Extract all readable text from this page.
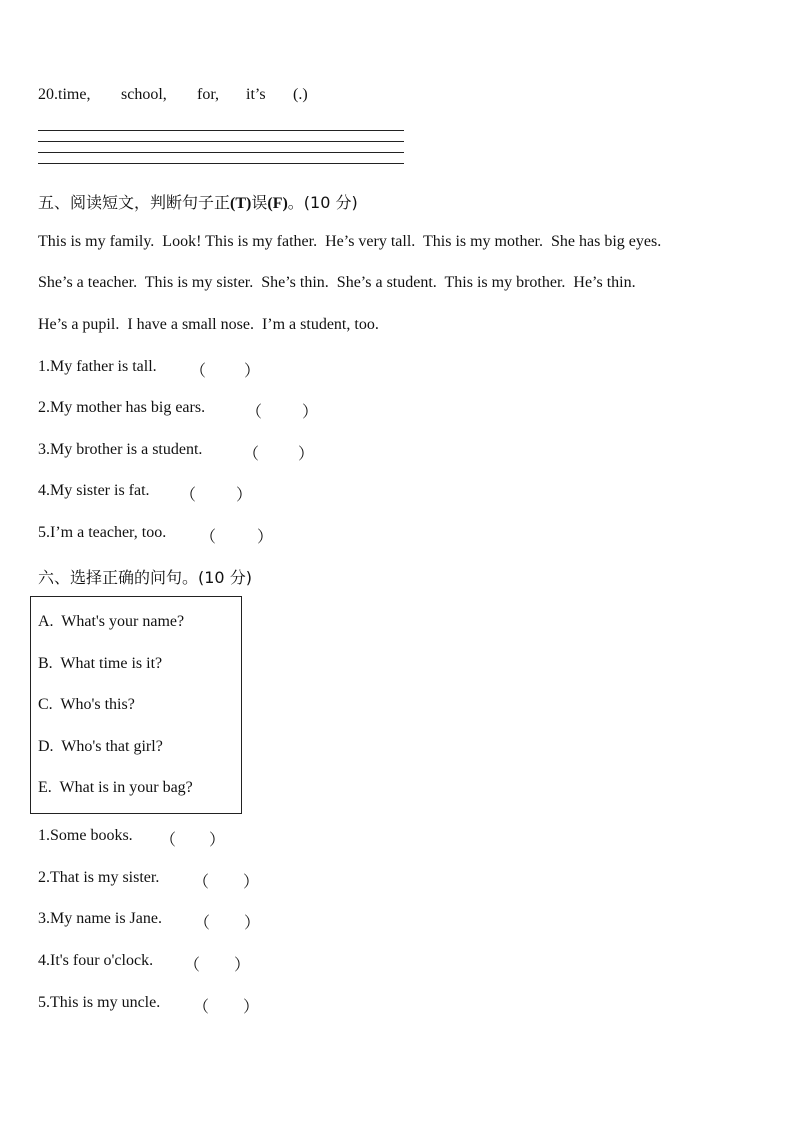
20.time, school, for, it’s (.)
五、阅读短文，判断句子正(T)误(F)。(10 分)
This is my family.  Look! This is my father.  He’s very tall.  This is my mother.  She has big eyes.
She’s a teacher.  This is my sister.  She’s thin.  She’s a student.  This is my brother.  He’s thin.
He’s a pupil.  I have a small nose.  I’m a student, too.
1.My father is tall. （ ）
2.My mother has big ears.	（ ）
3.My brother is a student.	（ ）
4.My sister is fat. （ ）
5.I’m a teacher, too. （	）
六、选择正确的问句。(10 分)
A.  What's your name?
B.  What time is it?
C.  Who's this?
D.  Who's that girl?
E.  What is in your bag?
1.Some books. （ ）
2.That is my sister. （ ）
3.My name is Jane. （ ）
4.It's four o'clock. （ ）
5.This is my uncle. （ ）
